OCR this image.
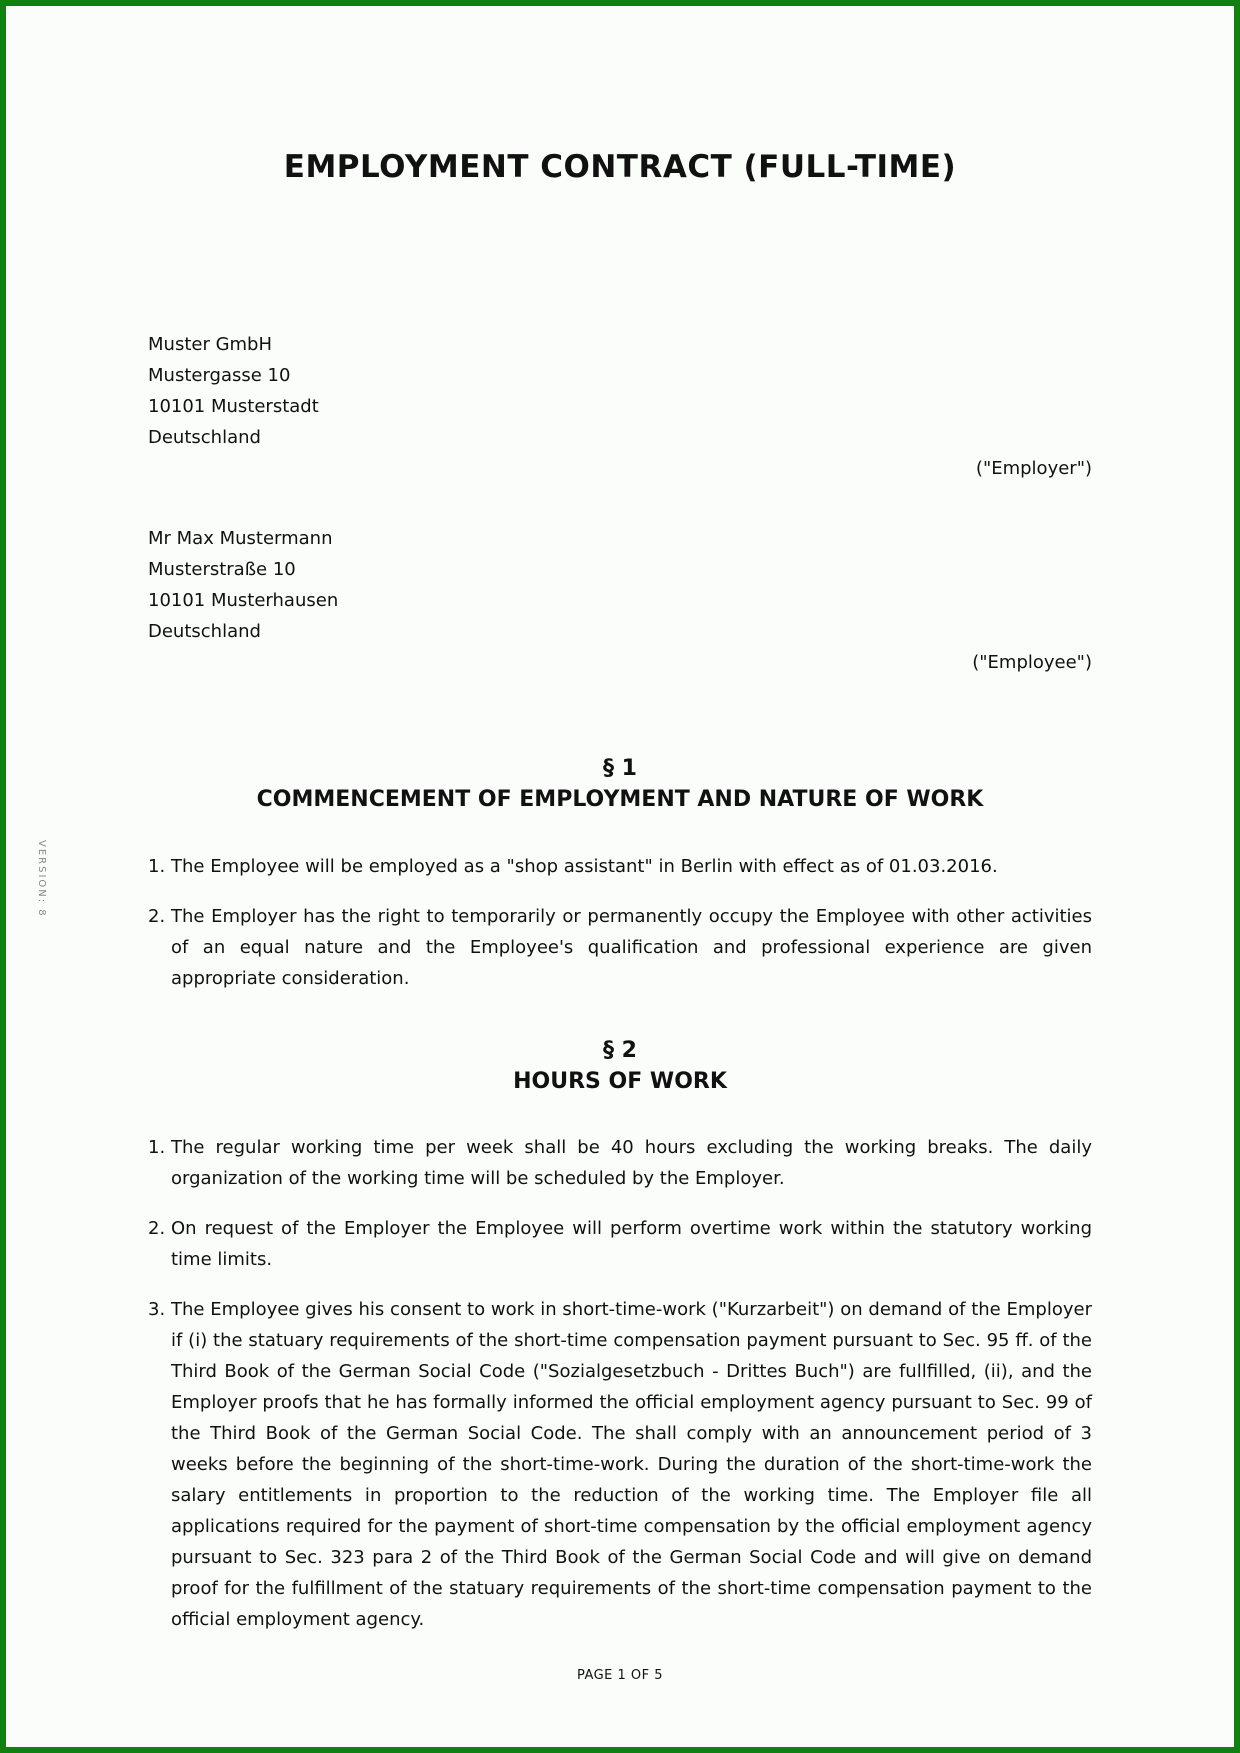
EMPLOYMENT CONTRACT (FULL-TIME)
Muster GmbH
Mustergasse 10
10101 Musterstadt
Deutschland
("Employer")
Mr Max Mustermann
Musterstraße 10
10101 Musterhausen
Deutschland
("Employee")
§ 1
COMMENCEMENT OF EMPLOYMENT AND NATURE OF WORK
1. The Employee will be employed as a "shop assistant" in Berlin with effect as of 01.03.2016.
2. The Employer has the right to temporarily or permanently occupy the Employee with other activities of an equal nature and the Employee's qualification and professional experience are given appropriate consideration.
§ 2
HOURS OF WORK
1. The regular working time per week shall be 40 hours excluding the working breaks. The daily organization of the working time will be scheduled by the Employer.
2. On request of the Employer the Employee will perform overtime work within the statutory working time limits.
3. The Employee gives his consent to work in short-time-work ("Kurzarbeit") on demand of the Employer if (i) the statuary requirements of the short-time compensation payment pursuant to Sec. 95 ff. of the Third Book of the German Social Code ("Sozialgesetzbuch - Drittes Buch") are fullfilled, (ii), and the Employer proofs that he has formally informed the official employment agency pursuant to Sec. 99 of the Third Book of the German Social Code. The shall comply with an announcement period of 3 weeks before the beginning of the short-time-work. During the duration of the short-time-work the salary entitlements in proportion to the reduction of the working time. The Employer file all applications required for the payment of short-time compensation by the official employment agency pursuant to Sec. 323 para 2 of the Third Book of the German Social Code and will give on demand proof for the fulfillment of the statuary requirements of the short-time compensation payment to the official employment agency.
VERSION: 8
PAGE 1 OF 5
